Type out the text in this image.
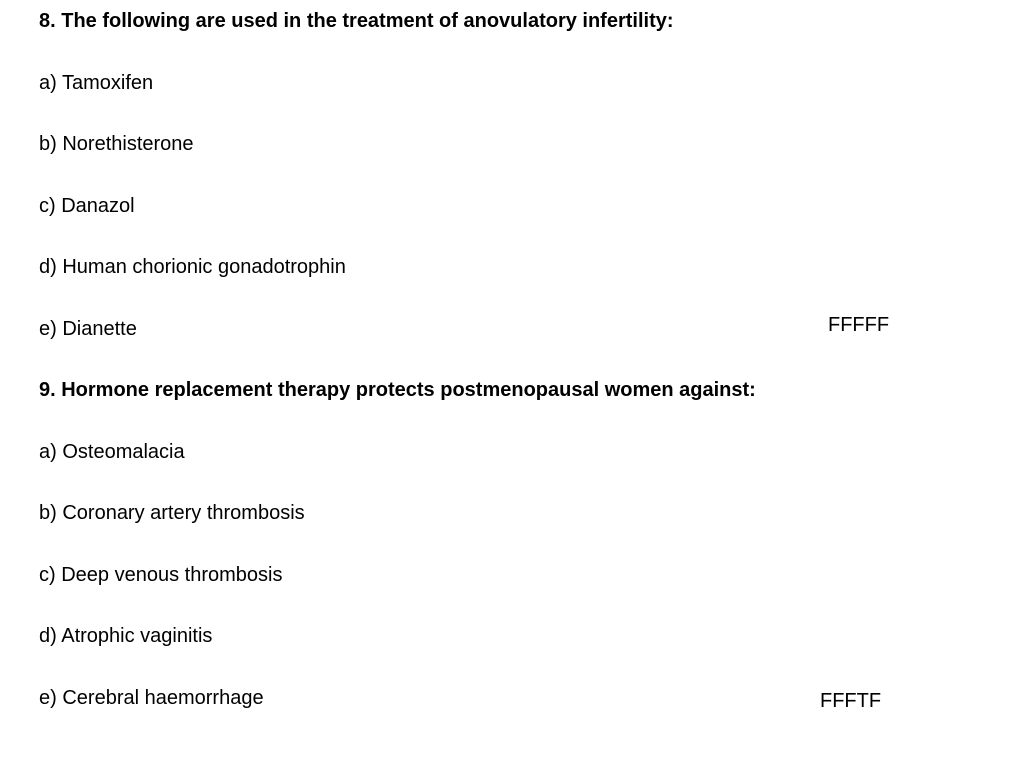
8. The following are used in the treatment of anovulatory infertility:
a) Tamoxifen
b) Norethisterone
c) Danazol
d) Human chorionic gonadotrophin
e) Dianette	FFFFF
9. Hormone replacement therapy protects postmenopausal women against:
a) Osteomalacia
b) Coronary artery thrombosis
c) Deep venous thrombosis
d) Atrophic vaginitis
e) Cerebral haemorrhage	FFFTF
